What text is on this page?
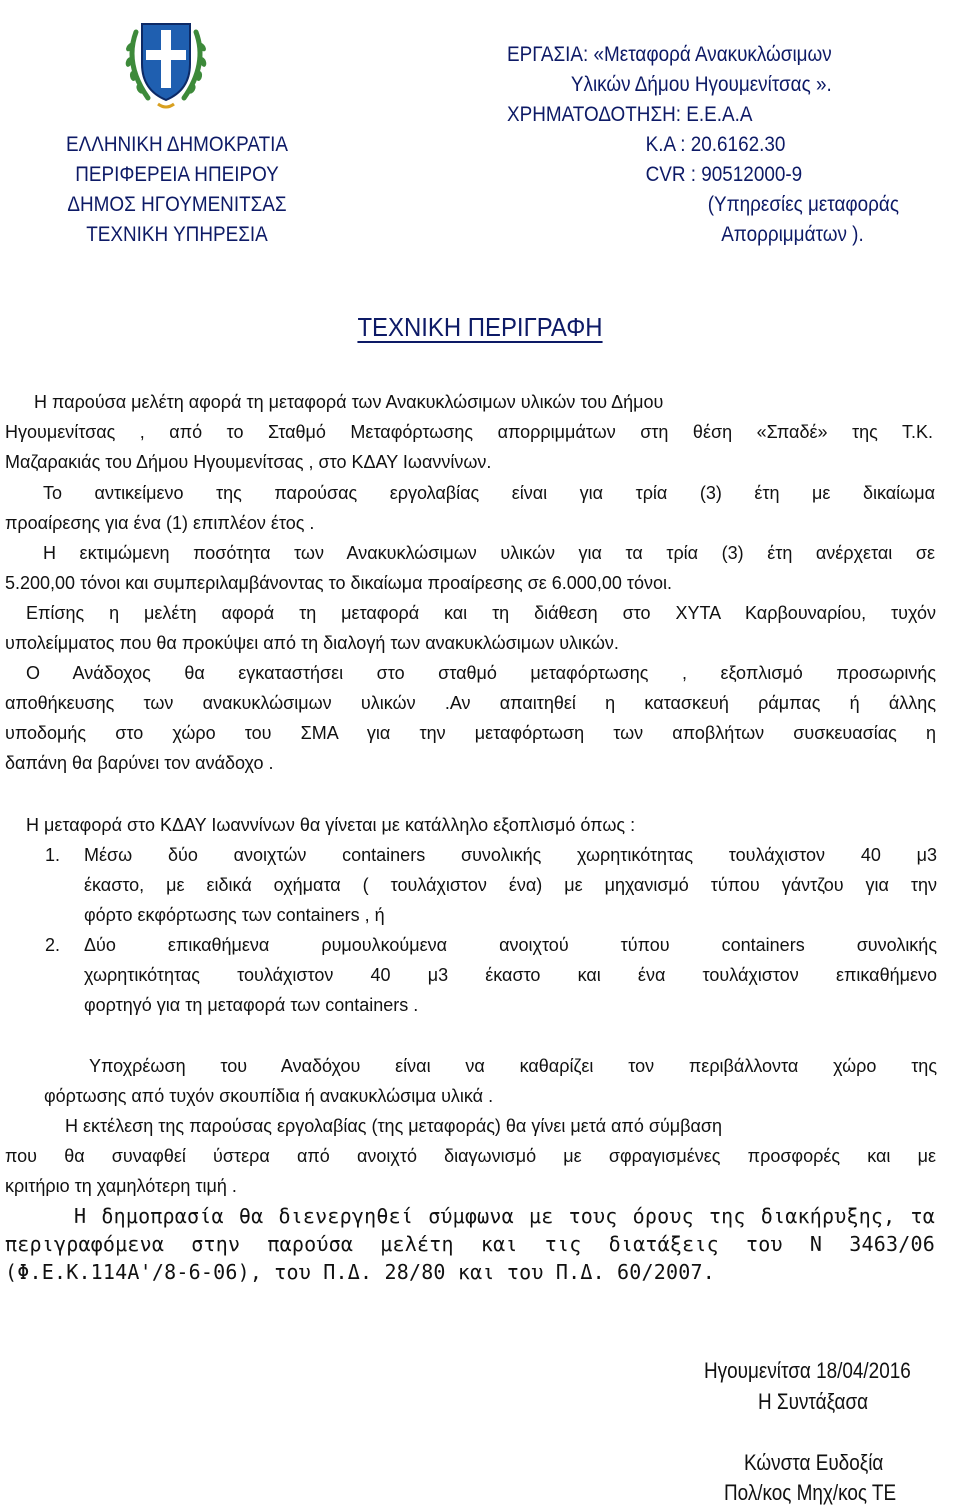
ΕΛΛΗΝΙΚΗ ΔΗΜΟΚΡΑΤΙΑ
ΠΕΡΙΦΕΡΕΙΑ ΗΠΕΙΡΟΥ
ΔΗΜΟΣ ΗΓΟΥΜΕΝΙΤΣΑΣ
ΤΕΧΝΙΚΗ ΥΠΗΡΕΣΙΑ
ΕΡΓΑΣΙΑ: «Μεταφορά Ανακυκλώσιμων
Υλικών Δήμου Ηγουμενίτσας ».
ΧΡΗΜΑΤΟΔΟΤΗΣΗ: Ε.Ε.Α.Α
Κ.Α : 20.6162.30
CVR : 90512000-9
(Υπηρεσίες μεταφοράς
Απορριμμάτων ).
ΤΕΧΝΙΚΗ ΠΕΡΙΓΡΑΦΗ
Η παρούσα μελέτη αφορά τη μεταφορά των Ανακυκλώσιμων υλικών του Δήμου
Ηγουμενίτσας , από το Σταθμό Μεταφόρτωσης απορριμμάτων στη θέση «Σπαδέ» της Τ.Κ.
Μαζαρακιάς του Δήμου Ηγουμενίτσας , στο ΚΔΑΥ Ιωαννίνων.
Το αντικείμενο της παρούσας εργολαβίας είναι για τρία (3) έτη με δικαίωμα
προαίρεσης για ένα (1) επιπλέον έτος .
Η εκτιμώμενη ποσότητα των Ανακυκλώσιμων υλικών για τα τρία (3) έτη ανέρχεται σε
5.200,00 τόνοι και συμπεριλαμβάνοντας το δικαίωμα προαίρεσης σε 6.000,00 τόνοι.
Επίσης η μελέτη αφορά τη μεταφορά και τη διάθεση στο ΧΥΤΑ Καρβουναρίου, τυχόν
υπολείμματος που θα προκύψει από τη διαλογή των ανακυκλώσιμων υλικών.
Ο Ανάδοχος θα εγκαταστήσει στο σταθμό μεταφόρτωσης , εξοπλισμό προσωρινής
αποθήκευσης των ανακυκλώσιμων υλικών .Αν απαιτηθεί η κατασκευή ράμπας ή άλλης
υποδομής στο χώρο του ΣΜΑ για την μεταφόρτωση των αποβλήτων συσκευασίας η
δαπάνη θα βαρύνει τον ανάδοχο .
Η μεταφορά στο ΚΔΑΥ Ιωαννίνων θα γίνεται με κατάλληλο εξοπλισμό όπως :
1. Μέσω δύο ανοιχτών containers συνολικής χωρητικότητας τουλάχιστον 40 μ3
έκαστο, με ειδικά οχήματα ( τουλάχιστον ένα) με μηχανισμό τύπου γάντζου για την
φόρτο εκφόρτωσης των containers , ή
2. Δύο επικαθήμενα ρυμουλκούμενα ανοιχτού τύπου containers συνολικής
χωρητικότητας τουλάχιστον 40 μ3 έκαστο και ένα τουλάχιστον επικαθήμενο
φορτηγό για τη μεταφορά των containers .
Υποχρέωση του Αναδόχου είναι να καθαρίζει τον περιβάλλοντα χώρο της
φόρτωσης από τυχόν σκουπίδια ή ανακυκλώσιμα υλικά .
Η εκτέλεση της παρούσας εργολαβίας (της μεταφοράς) θα γίνει μετά από σύμβαση
που θα συναφθεί ύστερα από ανοιχτό διαγωνισμό με σφραγισμένες προσφορές και με
κριτήριο τη χαμηλότερη τιμή .
Η δημοπρασία θα διενεργηθεί σύμφωνα με τους όρους της διακήρυξης, τα
περιγραφόμενα στην παρούσα μελέτη και τις διατάξεις του Ν 3463/06
(Φ.Ε.Κ.114Α'/8-6-06), του Π.Δ. 28/80 και του Π.Δ. 60/2007.
Ηγουμενίτσα 18/04/2016
Η Συντάξασα
Κώνστα Ευδοξία
Πολ/κος Μηχ/κος ΤΕ
